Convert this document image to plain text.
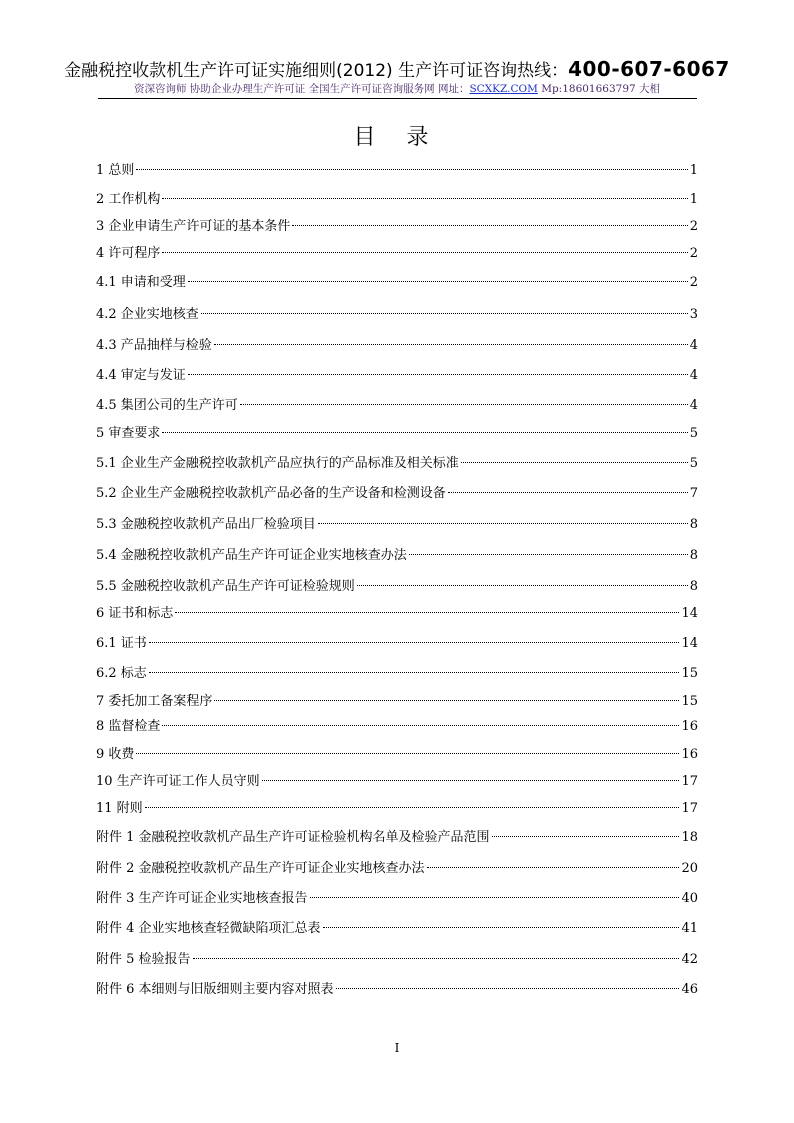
金融税控收款机生产许可证实施细则(2012) 生产许可证咨询热线：400-607-6067
资深咨询师 协助企业办理生产许可证 全国生产许可证咨询服务网 网址：SCXKZ.COM Mp:18601663797 大相
目 录
1 总则	1
2 工作机构	1
3 企业申请生产许可证的基本条件	2
4 许可程序	2
4.1 申请和受理	2
4.2 企业实地核查	3
4.3 产品抽样与检验	4
4.4 审定与发证	4
4.5 集团公司的生产许可	4
5 审查要求	5
5.1 企业生产金融税控收款机产品应执行的产品标准及相关标准	5
5.2 企业生产金融税控收款机产品必备的生产设备和检测设备	7
5.3 金融税控收款机产品出厂检验项目	8
5.4 金融税控收款机产品生产许可证企业实地核查办法	8
5.5 金融税控收款机产品生产许可证检验规则	8
6 证书和标志	14
6.1 证书	14
6.2 标志	15
7 委托加工备案程序	15
8 监督检查	16
9 收费	16
10 生产许可证工作人员守则	17
11 附则	17
附件 1 金融税控收款机产品生产许可证检验机构名单及检验产品范围	18
附件 2 金融税控收款机产品生产许可证企业实地核查办法	20
附件 3 生产许可证企业实地核查报告	40
附件 4 企业实地核查轻微缺陷项汇总表	41
附件 5 检验报告	42
附件 6 本细则与旧版细则主要内容对照表	46
I
